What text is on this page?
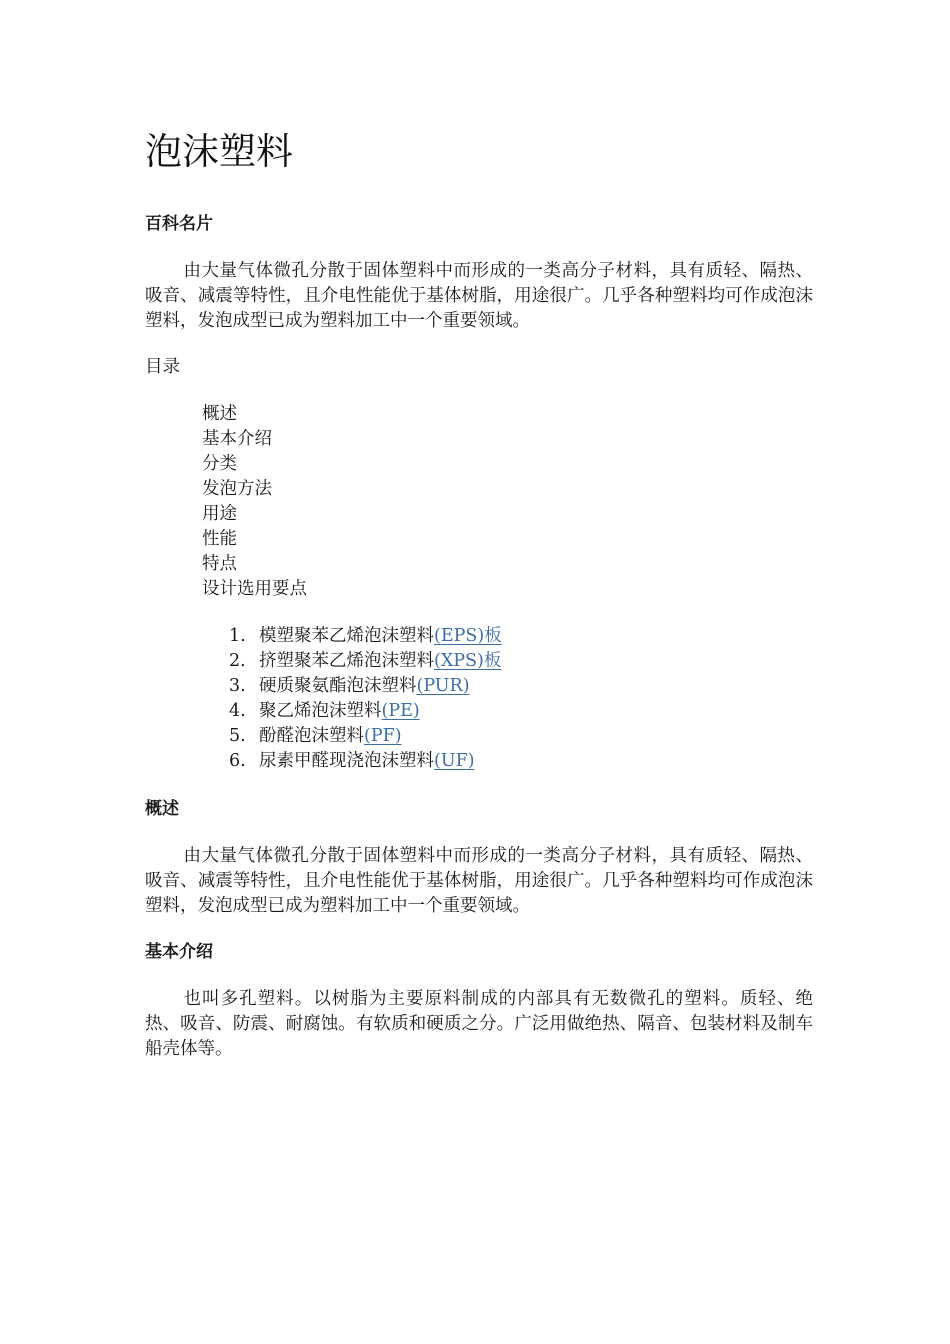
泡沫塑料
百科名片

由大量气体微孔分散于固体塑料中而形成的一类高分子材料，具有质轻、隔热、吸音、减震等特性，且介电性能优于基体树脂，用途很广。几乎各种塑料均可作成泡沫塑料，发泡成型已成为塑料加工中一个重要领域。

目录

概述
基本介绍
分类
发泡方法
用途
性能
特点
设计选用要点
1. 模塑聚苯乙烯泡沫塑料(EPS)板
2. 挤塑聚苯乙烯泡沫塑料(XPS)板
3. 硬质聚氨酯泡沫塑料(PUR)
4. 聚乙烯泡沫塑料(PE)
5. 酚醛泡沫塑料(PF)
6. 尿素甲醛现浇泡沫塑料(UF)
概述

由大量气体微孔分散于固体塑料中而形成的一类高分子材料，具有质轻、隔热、吸音、减震等特性，且介电性能优于基体树脂，用途很广。几乎各种塑料均可作成泡沫塑料，发泡成型已成为塑料加工中一个重要领域。

基本介绍

也叫多孔塑料。以树脂为主要原料制成的内部具有无数微孔的塑料。质轻、绝热、吸音、防震、耐腐蚀。有软质和硬质之分。广泛用做绝热、隔音、包装材料及制车船壳体等。
